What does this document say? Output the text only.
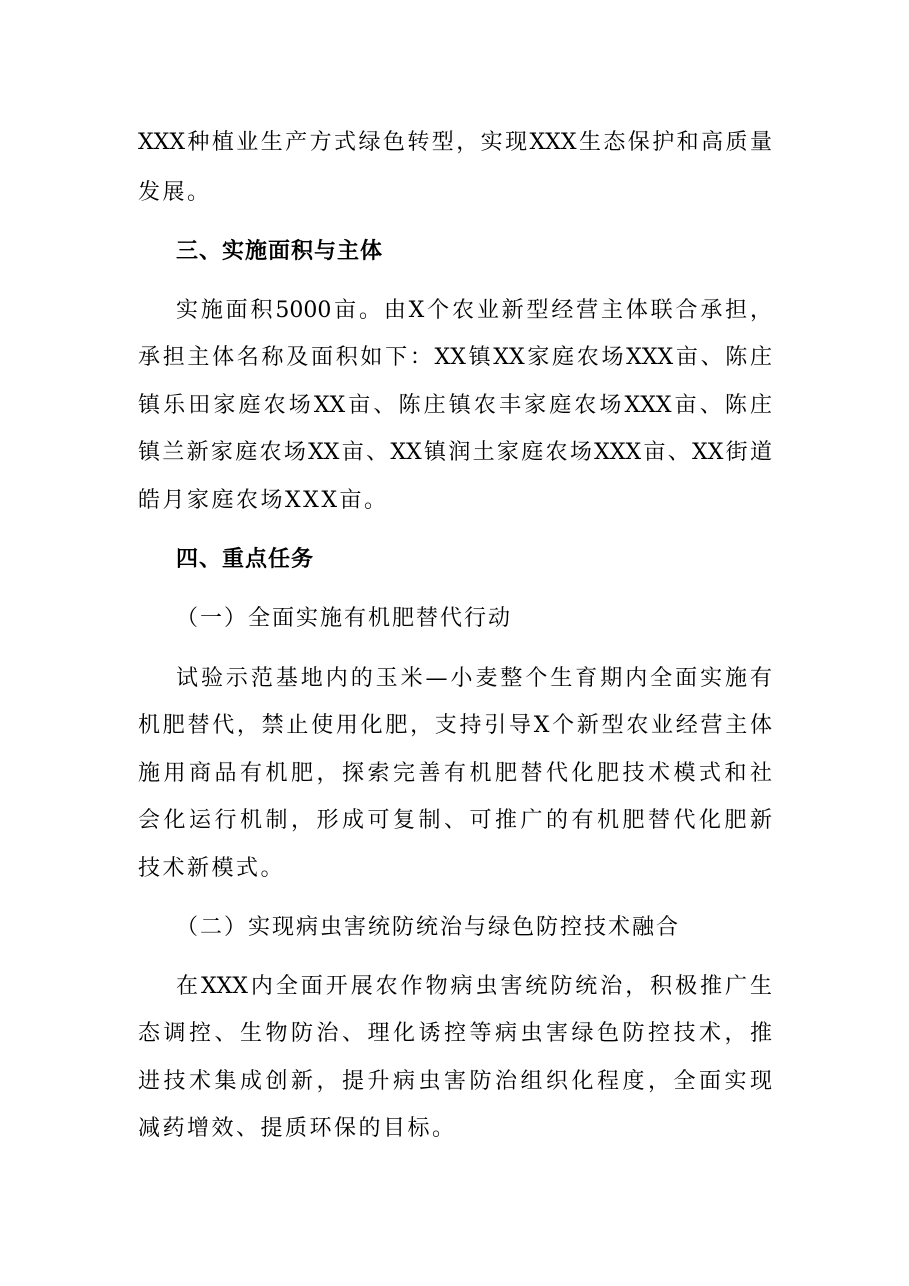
XXX种植业生产方式绿色转型，实现XXX生态保护和高质量
发展。
三、实施面积与主体
实施面积5000亩。由X个农业新型经营主体联合承担，
承担主体名称及面积如下：XX镇XX家庭农场XXX亩、陈庄
镇乐田家庭农场XX亩、陈庄镇农丰家庭农场XXX亩、陈庄
镇兰新家庭农场XX亩、XX镇润土家庭农场XXX亩、XX街道
皓月家庭农场XXX亩。
四、重点任务
（一）全面实施有机肥替代行动
试验示范基地内的玉米—小麦整个生育期内全面实施有
机肥替代，禁止使用化肥，支持引导X个新型农业经营主体
施用商品有机肥，探索完善有机肥替代化肥技术模式和社
会化运行机制，形成可复制、可推广的有机肥替代化肥新
技术新模式。
（二）实现病虫害统防统治与绿色防控技术融合
在XXX内全面开展农作物病虫害统防统治，积极推广生
态调控、生物防治、理化诱控等病虫害绿色防控技术，推
进技术集成创新，提升病虫害防治组织化程度，全面实现
减药增效、提质环保的目标。
